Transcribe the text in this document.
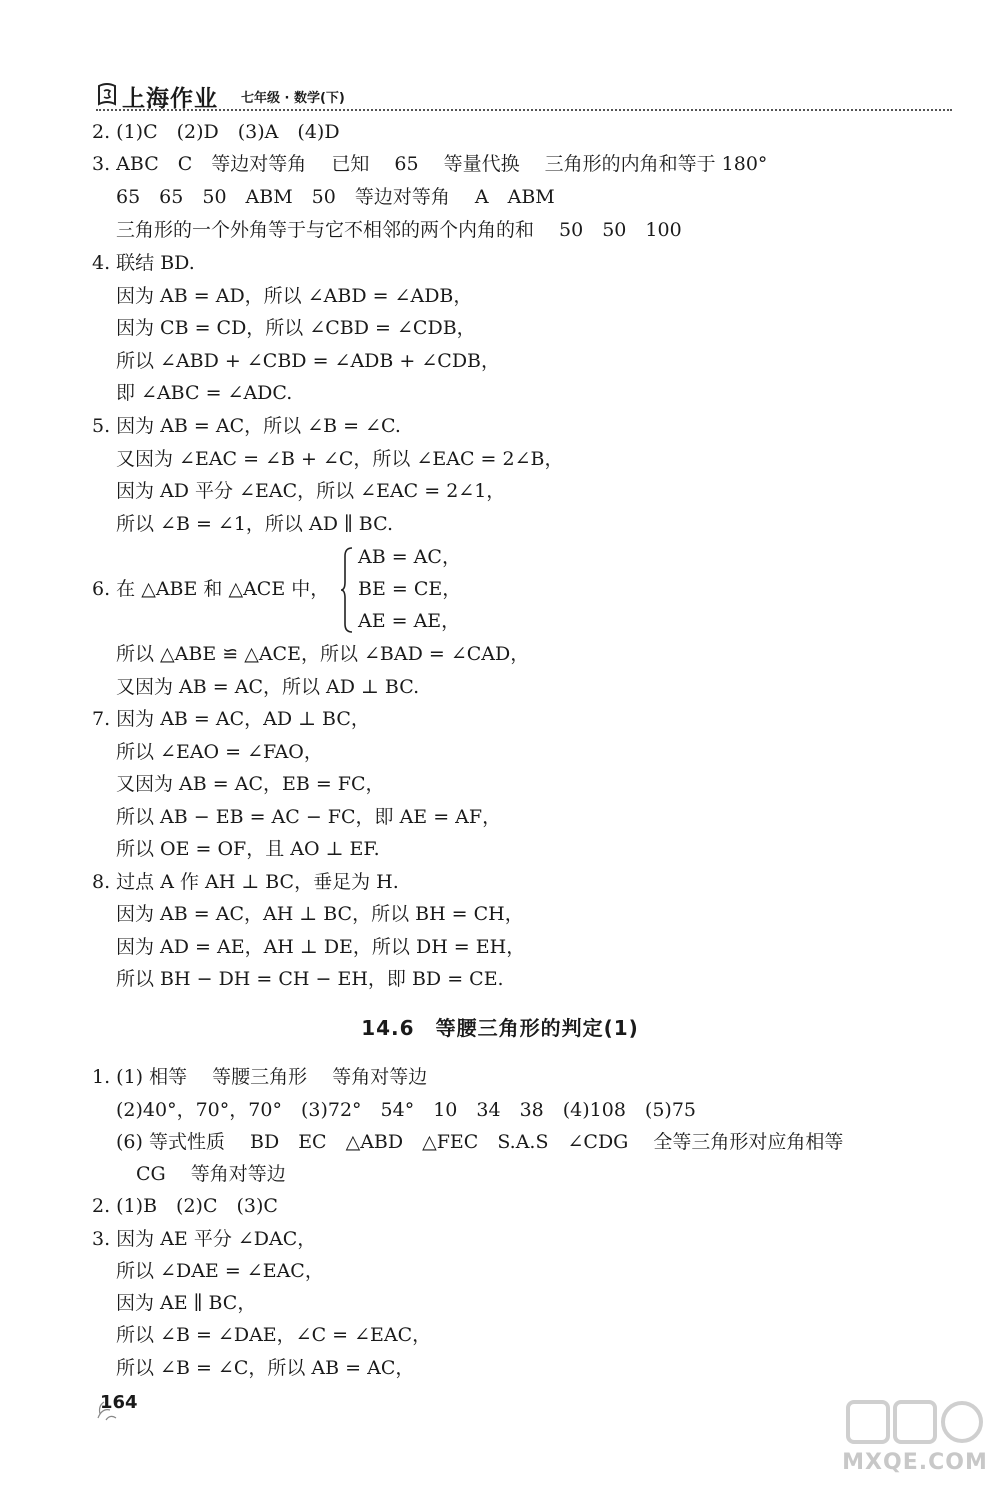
上海作业 七年级 · 数学(下)
2. (1)C　(2)D　(3)A　(4)D
3. ABC　C　等边对等角　 已知　 65　 等量代换　 三角形的内角和等于 180°
65　65　50　ABM　50　等边对等角　 A　ABM
三角形的一个外角等于与它不相邻的两个内角的和　 50　50　100
4. 联结 BD.
因为 AB = AD，所以 ∠ABD = ∠ADB，
因为 CB = CD，所以 ∠CBD = ∠CDB，
所以 ∠ABD + ∠CBD = ∠ADB + ∠CDB，
即 ∠ABC = ∠ADC.
5. 因为 AB = AC，所以 ∠B = ∠C.
又因为 ∠EAC = ∠B + ∠C，所以 ∠EAC = 2∠B，
因为 AD 平分 ∠EAC，所以 ∠EAC = 2∠1，
所以 ∠B = ∠1，所以 AD ∥ BC.
AB = AC，
6. 在 △ABE 和 △ACE 中， BE = CE，
AE = AE，
所以 △ABE ≌ △ACE，所以 ∠BAD = ∠CAD，
又因为 AB = AC，所以 AD ⊥ BC.
7. 因为 AB = AC，AD ⊥ BC，
所以 ∠EAO = ∠FAO，
又因为 AB = AC，EB = FC，
所以 AB − EB = AC − FC，即 AE = AF，
所以 OE = OF，且 AO ⊥ EF.
8. 过点 A 作 AH ⊥ BC，垂足为 H.
因为 AB = AC，AH ⊥ BC，所以 BH = CH，
因为 AD = AE，AH ⊥ DE，所以 DH = EH，
所以 BH − DH = CH − EH，即 BD = CE.
14.6　等腰三角形的判定(1)
1. (1) 相等　 等腰三角形　 等角对等边
(2)40°，70°，70°　(3)72°　54°　10　34　38　(4)108　(5)75
(6) 等式性质　 BD　EC　△ABD　△FEC　S.A.S　∠CDG　 全等三角形对应角相等
CG　 等角对等边
2. (1)B　(2)C　(3)C
3. 因为 AE 平分 ∠DAC，
所以 ∠DAE = ∠EAC，
因为 AE ∥ BC，
所以 ∠B = ∠DAE，∠C = ∠EAC，
所以 ∠B = ∠C，所以 AB = AC，
164
MXQE.COM
